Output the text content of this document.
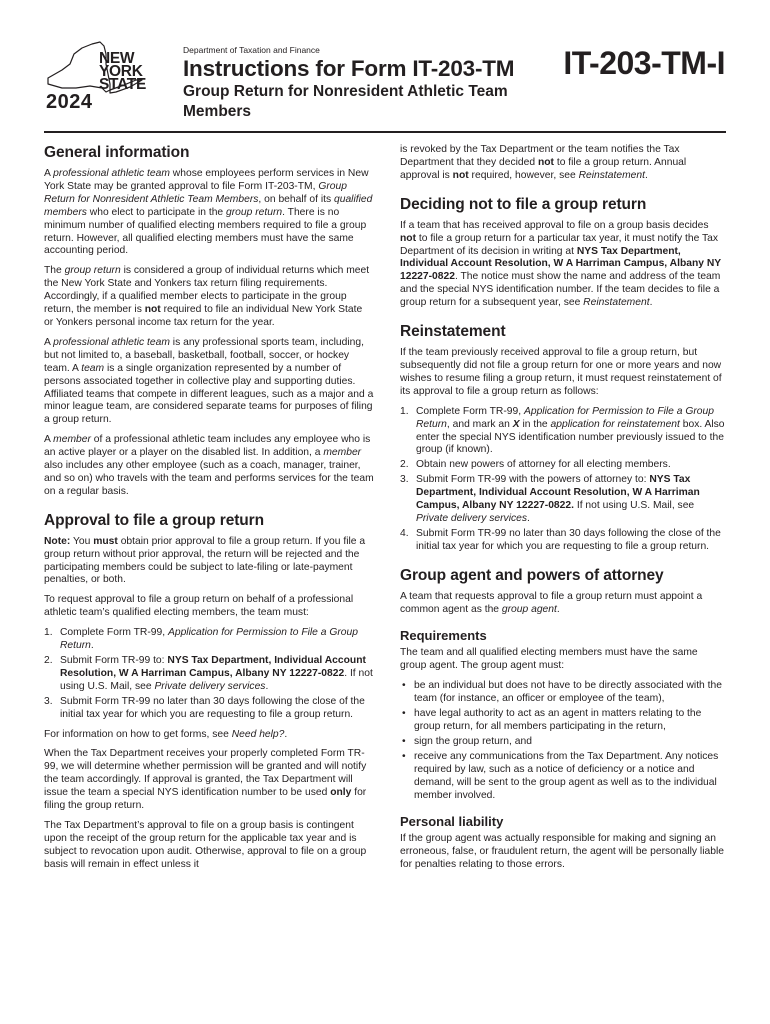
NEW
YORK
STATE
2024
Department of Taxation and Finance
Instructions for Form IT-203-TM
Group Return for Nonresident Athletic Team Members
IT-203-TM-I
General information

A professional athletic team whose employees perform services in New York State may be granted approval to file Form IT-203-TM, Group Return for Nonresident Athletic Team Members, on behalf of its qualified members who elect to participate in the group return. There is no minimum number of qualified electing members required to file a group return. However, all qualified electing members must have the same accounting period.

The group return is considered a group of individual returns which meet the New York State and Yonkers tax return filing requirements. Accordingly, if a qualified member elects to participate in the group return, the member is not required to file an individual New York State or Yonkers personal income tax return for the year.

A professional athletic team is any professional sports team, including, but not limited to, a baseball, basketball, football, soccer, or hockey team. A team is a single organization represented by a number of persons associated together in collective play and supporting duties. Affiliated teams that compete in different leagues, such as a major and a minor league team, are considered separate teams for purposes of filing a group return.

A member of a professional athletic team includes any employee who is an active player or a player on the disabled list. In addition, a member also includes any other employee (such as a coach, manager, trainer, and so on) who travels with the team and performs services for the team on a regular basis.

Approval to file a group return

Note: You must obtain prior approval to file a group return. If you file a group return without prior approval, the return will be rejected and the participating members could be subject to late-filing or late-payment penalties, or both.

To request approval to file a group return on behalf of a professional athletic team’s qualified electing members, the team must:

1. Complete Form TR-99, Application for Permission to File a Group Return.
2. Submit Form TR-99 to: NYS Tax Department, Individual Account Resolution, W A Harriman Campus, Albany NY 12227-0822. If not using U.S. Mail, see Private delivery services.
3. Submit Form TR-99 no later than 30 days following the close of the initial tax year for which you are requesting to file a group return.

For information on how to get forms, see Need help?.

When the Tax Department receives your properly completed Form TR-99, we will determine whether permission will be granted and will notify the team accordingly. If approval is granted, the Tax Department will issue the team a special NYS identification number to be used only for filing the group return.

The Tax Department’s approval to file on a group basis is contingent upon the receipt of the group return for the applicable tax year and is subject to revocation upon audit. Otherwise, approval to file on a group basis will remain in effect unless it

is revoked by the Tax Department or the team notifies the Tax Department that they decided not to file a group return. Annual approval is not required, however, see Reinstatement.

Deciding not to file a group return

If a team that has received approval to file on a group basis decides not to file a group return for a particular tax year, it must notify the Tax Department of its decision in writing at NYS Tax Department, Individual Account Resolution, W A Harriman Campus, Albany NY 12227-0822. The notice must show the name and address of the team and the special NYS identification number. If the team decides to file a group return for a subsequent year, see Reinstatement.

Reinstatement

If the team previously received approval to file a group return, but subsequently did not file a group return for one or more years and now wishes to resume filing a group return, it must request reinstatement of its approval to file a group return as follows:

1. Complete Form TR-99, Application for Permission to File a Group Return, and mark an X in the application for reinstatement box. Also enter the special NYS identification number previously issued to the group (if known).
2. Obtain new powers of attorney for all electing members.
3. Submit Form TR-99 with the powers of attorney to: NYS Tax Department, Individual Account Resolution, W A Harriman Campus, Albany NY 12227-0822. If not using U.S. Mail, see Private delivery services.
4. Submit Form TR-99 no later than 30 days following the close of the initial tax year for which you are requesting to file a group return.
Group agent and powers of attorney

A team that requests approval to file a group return must appoint a common agent as the group agent.

Requirements

The team and all qualified electing members must have the same group agent. The group agent must:

• be an individual but does not have to be directly associated with the team (for instance, an officer or employee of the team),
• have legal authority to act as an agent in matters relating to the group return, for all members participating in the return,
• sign the group return, and
• receive any communications from the Tax Department. Any notices required by law, such as a notice of deficiency or a notice and demand, will be sent to the group agent as well as to the individual member involved.
Personal liability

If the group agent was actually responsible for making and signing an erroneous, false, or fraudulent return, the agent will be personally liable for penalties relating to those errors.
